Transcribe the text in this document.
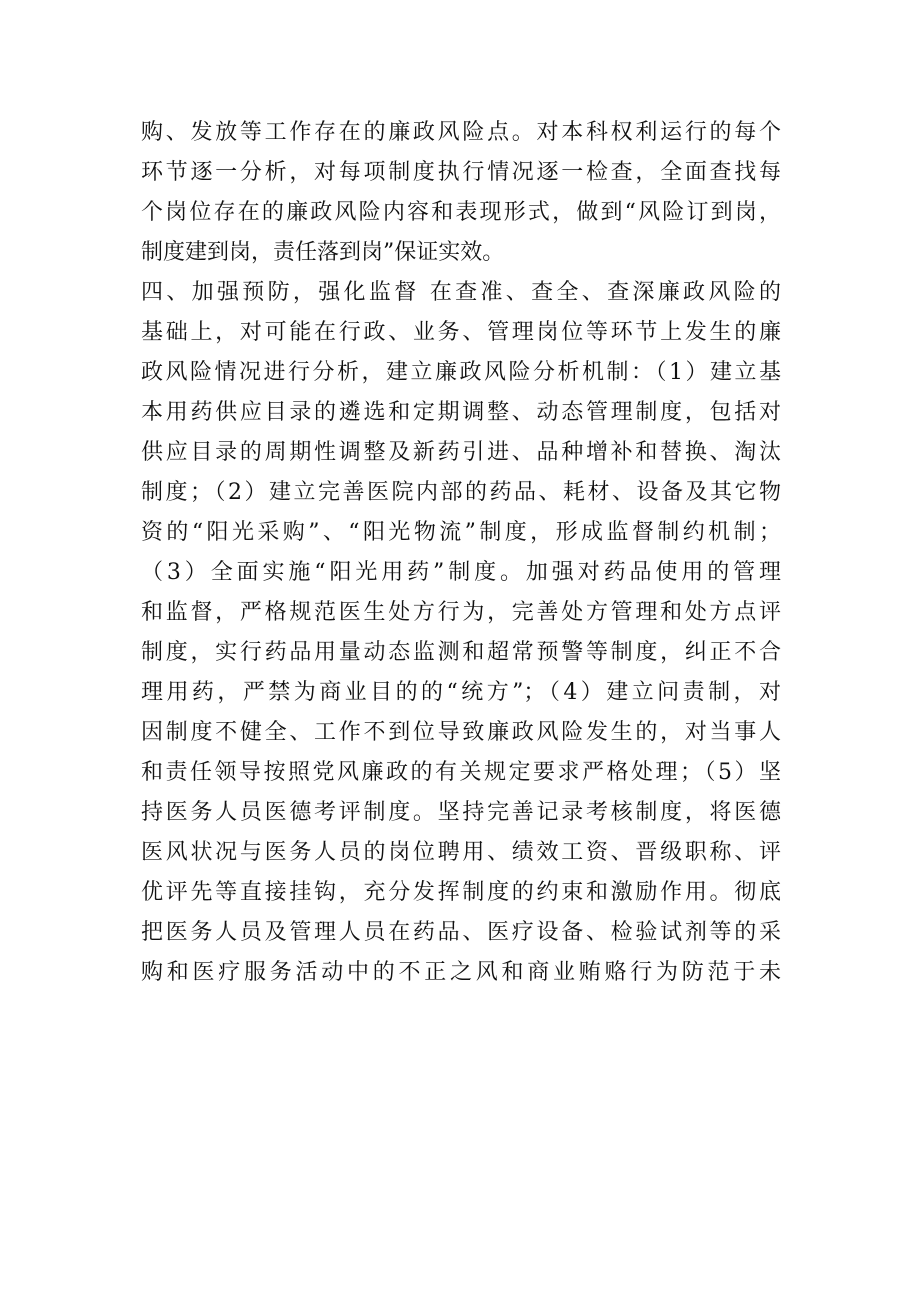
购、发放等工作存在的廉政风险点。对本科权利运行的每个
环节逐一分析，对每项制度执行情况逐一检查，全面查找每
个岗位存在的廉政风险内容和表现形式，做到“风险订到岗，
制度建到岗，责任落到岗”保证实效。
四、加强预防，强化监督 在查准、查全、查深廉政风险的
基础上，对可能在行政、业务、管理岗位等环节上发生的廉
政风险情况进行分析，建立廉政风险分析机制：（1）建立基
本用药供应目录的遴选和定期调整、动态管理制度，包括对
供应目录的周期性调整及新药引进、品种增补和替换、淘汰
制度；（2）建立完善医院内部的药品、耗材、设备及其它物
资的“阳光采购”、“阳光物流”制度，形成监督制约机制；
（3）全面实施“阳光用药”制度。加强对药品使用的管理
和监督，严格规范医生处方行为，完善处方管理和处方点评
制度，实行药品用量动态监测和超常预警等制度，纠正不合
理用药，严禁为商业目的的“统方”；（4）建立问责制，对
因制度不健全、工作不到位导致廉政风险发生的，对当事人
和责任领导按照党风廉政的有关规定要求严格处理；（5）坚
持医务人员医德考评制度。坚持完善记录考核制度，将医德
医风状况与医务人员的岗位聘用、绩效工资、晋级职称、评
优评先等直接挂钩，充分发挥制度的约束和激励作用。彻底
把医务人员及管理人员在药品、医疗设备、检验试剂等的采
购和医疗服务活动中的不正之风和商业贿赂行为防范于未
